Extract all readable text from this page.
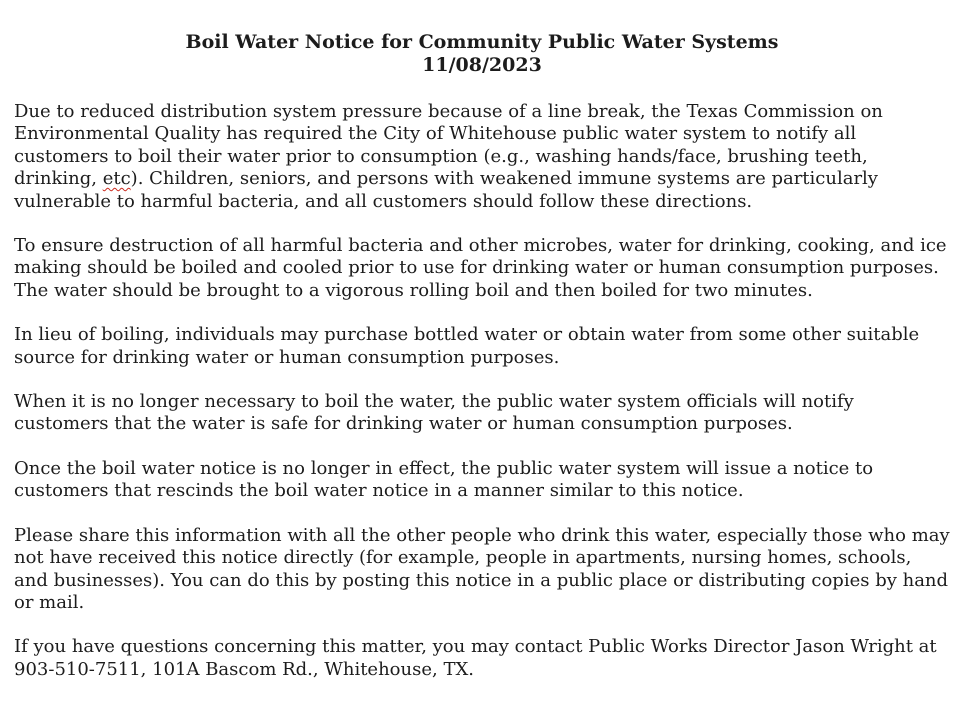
Boil Water Notice for Community Public Water Systems

11/08/2023

Due to reduced distribution system pressure because of a line break, the Texas Commission on Environmental Quality has required the City of Whitehouse public water system to notify all customers to boil their water prior to consumption (e.g., washing hands/face, brushing teeth, drinking, etc). Children, seniors, and persons with weakened immune systems are particularly vulnerable to harmful bacteria, and all customers should follow these directions.

To ensure destruction of all harmful bacteria and other microbes, water for drinking, cooking, and ice making should be boiled and cooled prior to use for drinking water or human consumption purposes. The water should be brought to a vigorous rolling boil and then boiled for two minutes.

In lieu of boiling, individuals may purchase bottled water or obtain water from some other suitable source for drinking water or human consumption purposes.

When it is no longer necessary to boil the water, the public water system officials will notify customers that the water is safe for drinking water or human consumption purposes.

Once the boil water notice is no longer in effect, the public water system will issue a notice to customers that rescinds the boil water notice in a manner similar to this notice.

Please share this information with all the other people who drink this water, especially those who may not have received this notice directly (for example, people in apartments, nursing homes, schools, and businesses). You can do this by posting this notice in a public place or distributing copies by hand or mail.

If you have questions concerning this matter, you may contact Public Works Director Jason Wright at 903-510-7511, 101A Bascom Rd., Whitehouse, TX.
